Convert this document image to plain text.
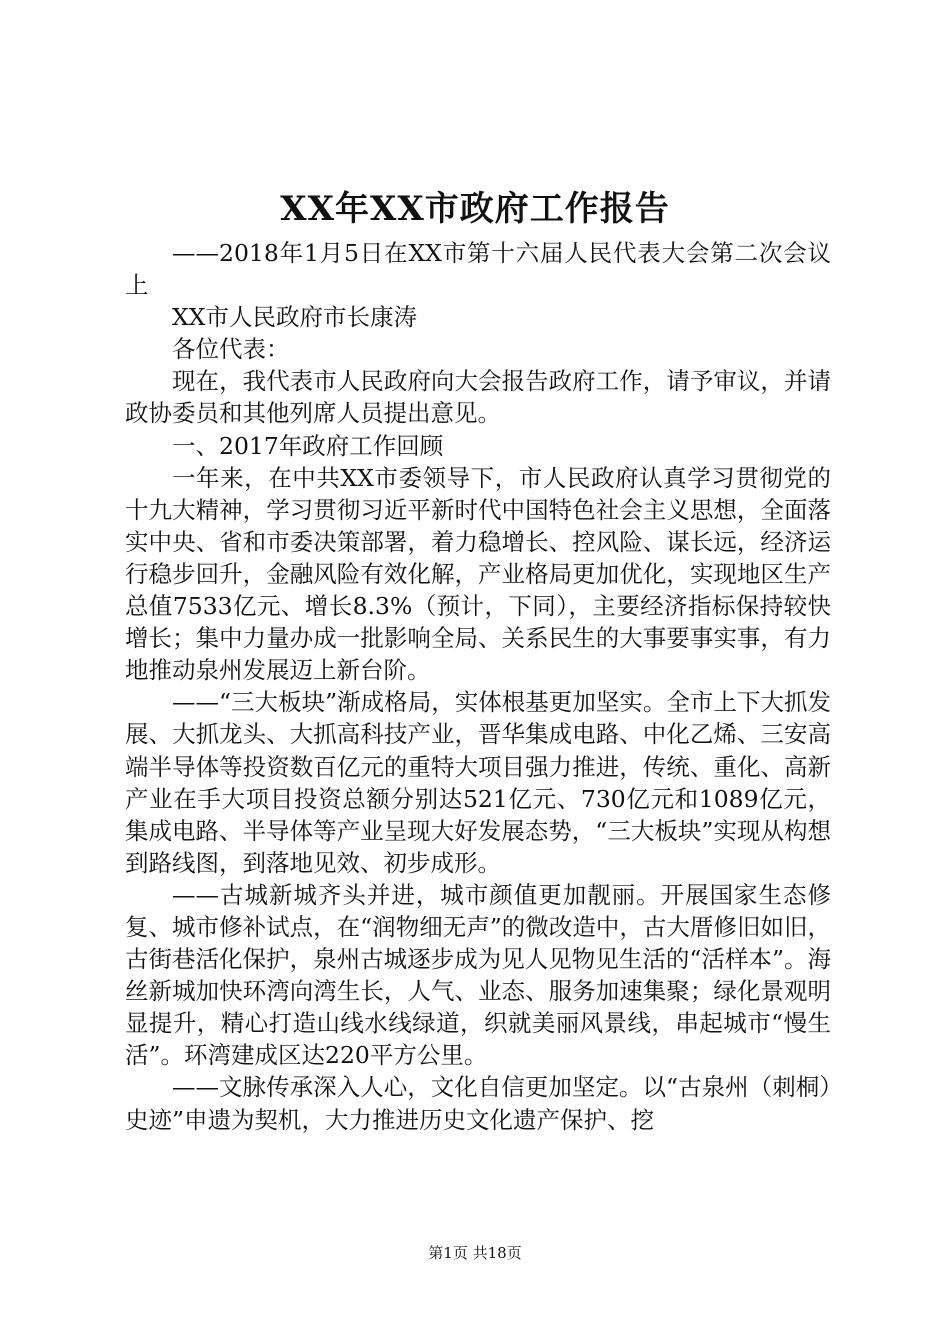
XX年XX市政府工作报告

——2018年1月5日在XX市第十六届人民代表大会第二次会议上

XX市人民政府市长康涛

各位代表：

现在，我代表市人民政府向大会报告政府工作，请予审议，并请政协委员和其他列席人员提出意见。

一、2017年政府工作回顾

一年来，在中共XX市委领导下，市人民政府认真学习贯彻党的十九大精神，学习贯彻习近平新时代中国特色社会主义思想，全面落实中央、省和市委决策部署，着力稳增长、控风险、谋长远，经济运行稳步回升，金融风险有效化解，产业格局更加优化，实现地区生产总值7533亿元、增长8.3%（预计，下同），主要经济指标保持较快增长；集中力量办成一批影响全局、关系民生的大事要事实事，有力地推动泉州发展迈上新台阶。

——“三大板块”渐成格局，实体根基更加坚实。全市上下大抓发展、大抓龙头、大抓高科技产业，晋华集成电路、中化乙烯、三安高端半导体等投资数百亿元的重特大项目强力推进，传统、重化、高新产业在手大项目投资总额分别达521亿元、730亿元和1089亿元，集成电路、半导体等产业呈现大好发展态势，“三大板块”实现从构想到路线图，到落地见效、初步成形。

——古城新城齐头并进，城市颜值更加靓丽。开展国家生态修复、城市修补试点，在“润物细无声”的微改造中，古大厝修旧如旧，古街巷活化保护，泉州古城逐步成为见人见物见生活的“活样本”。海丝新城加快环湾向湾生长，人气、业态、服务加速集聚；绿化景观明显提升，精心打造山线水线绿道，织就美丽风景线，串起城市“慢生活”。环湾建成区达220平方公里。

——文脉传承深入人心，文化自信更加坚定。以“古泉州（刺桐）史迹”申遗为契机，大力推进历史文化遗产保护、挖

第1页 共18页
